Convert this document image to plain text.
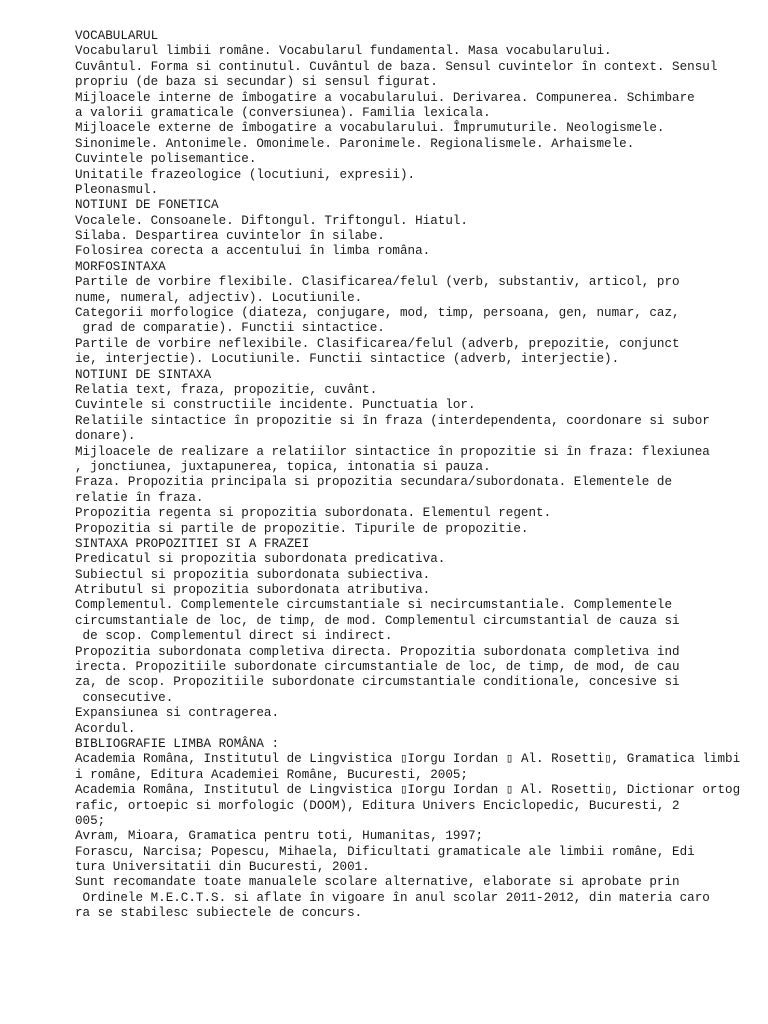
VOCABULARUL
Vocabularul limbii române. Vocabularul fundamental. Masa vocabularului.
Cuvântul. Forma si continutul. Cuvântul de baza. Sensul cuvintelor în context. Sensul
propriu (de baza si secundar) si sensul figurat.
Mijloacele interne de îmbogatire a vocabularului. Derivarea. Compunerea. Schimbare
a valorii gramaticale (conversiunea). Familia lexicala.
Mijloacele externe de îmbogatire a vocabularului. Împrumuturile. Neologismele.
Sinonimele. Antonimele. Omonimele. Paronimele. Regionalismele. Arhaismele.
Cuvintele polisemantice.
Unitatile frazeologice (locutiuni, expresii).
Pleonasmul.
NOTIUNI DE FONETICA
Vocalele. Consoanele. Diftongul. Triftongul. Hiatul.
Silaba. Despartirea cuvintelor în silabe.
Folosirea corecta a accentului în limba româna.
MORFOSINTAXA
Partile de vorbire flexibile. Clasificarea/felul (verb, substantiv, articol, pro
nume, numeral, adjectiv). Locutiunile.
Categorii morfologice (diateza, conjugare, mod, timp, persoana, gen, numar, caz,
grad de comparatie). Functii sintactice.
Partile de vorbire neflexibile. Clasificarea/felul (adverb, prepozitie, conjunct
ie, interjectie). Locutiunile. Functii sintactice (adverb, interjectie).
NOTIUNI DE SINTAXA
Relatia text, fraza, propozitie, cuvânt.
Cuvintele si constructiile incidente. Punctuatia lor.
Relatiile sintactice în propozitie si în fraza (interdependenta, coordonare si subor
donare).
Mijloacele de realizare a relatiilor sintactice în propozitie si în fraza: flexiunea
, jonctiunea, juxtapunerea, topica, intonatia si pauza.
Fraza. Propozitia principala si propozitia secundara/subordonata. Elementele de
relatie în fraza.
Propozitia regenta si propozitia subordonata. Elementul regent.
Propozitia si partile de propozitie. Tipurile de propozitie.
SINTAXA PROPOZITIEI SI A FRAZEI
Predicatul si propozitia subordonata predicativa.
Subiectul si propozitia subordonata subiectiva.
Atributul si propozitia subordonata atributiva.
Complementul. Complementele circumstantiale si necircumstantiale. Complementele
circumstantiale de loc, de timp, de mod. Complementul circumstantial de cauza si
de scop. Complementul direct si indirect.
Propozitia subordonata completiva directa. Propozitia subordonata completiva ind
irecta. Propozitiile subordonate circumstantiale de loc, de timp, de mod, de cau
za, de scop. Propozitiile subordonate circumstantiale conditionale, concesive si
consecutive.
Expansiunea si contragerea.
Acordul.
BIBLIOGRAFIE LIMBA ROMÂNA :
Academia Româna, Institutul de Lingvistica ▯Iorgu Iordan ▯ Al. Rosetti▯, Gramatica limbi
i române, Editura Academiei Române, Bucuresti, 2005;
Academia Româna, Institutul de Lingvistica ▯Iorgu Iordan ▯ Al. Rosetti▯, Dictionar ortog
rafic, ortoepic si morfologic (DOOM), Editura Univers Enciclopedic, Bucuresti, 2
005;
Avram, Mioara, Gramatica pentru toti, Humanitas, 1997;
Forascu, Narcisa; Popescu, Mihaela, Dificultati gramaticale ale limbii române, Edi
tura Universitatii din Bucuresti, 2001.
Sunt recomandate toate manualele scolare alternative, elaborate si aprobate prin
Ordinele M.E.C.T.S. si aflate în vigoare în anul scolar 2011-2012, din materia caro
ra se stabilesc subiectele de concurs.
